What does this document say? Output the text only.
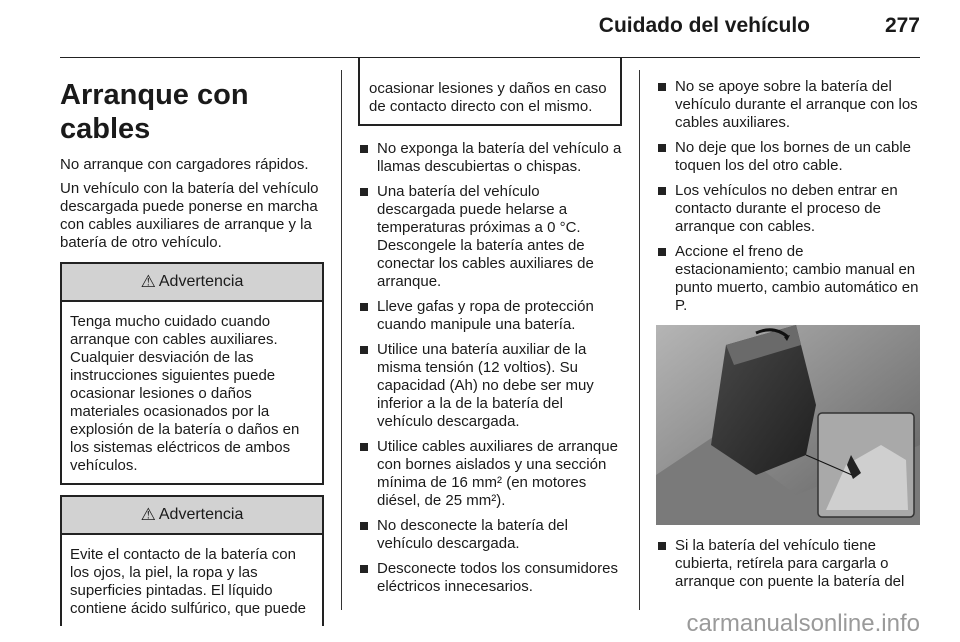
Cuidado del vehículo	277
Arranque con cables

No arranque con cargadores rápidos.

Un vehículo con la batería del vehículo descargada puede ponerse en marcha con cables auxiliares de arranque y la batería de otro vehículo.

⚠ Advertencia
Tenga mucho cuidado cuando arranque con cables auxiliares. Cualquier desviación de las instrucciones siguientes puede ocasionar lesiones o daños materiales ocasionados por la explosión de la batería o daños en los sistemas eléctricos de ambos vehículos.
⚠ Advertencia
Evite el contacto de la batería con los ojos, la piel, la ropa y las superficies pintadas. El líquido contiene ácido sulfúrico, que puede
ocasionar lesiones y daños en caso de contacto directo con el mismo.
No exponga la batería del vehículo a llamas descubiertas o chispas.
Una batería del vehículo descargada puede helarse a temperaturas próximas a 0 °C. Descongele la batería antes de conectar los cables auxiliares de arranque.
Lleve gafas y ropa de protección cuando manipule una batería.
Utilice una batería auxiliar de la misma tensión (12 voltios). Su capacidad (Ah) no debe ser muy inferior a la de la batería del vehículo descargada.
Utilice cables auxiliares de arranque con bornes aislados y una sección mínima de 16 mm² (en motores diésel, de 25 mm²).
No desconecte la batería del vehículo descargada.
Desconecte todos los consumidores eléctricos innecesarios.
No se apoye sobre la batería del vehículo durante el arranque con los cables auxiliares.
No deje que los bornes de un cable toquen los del otro cable.
Los vehículos no deben entrar en contacto durante el proceso de arranque con cables.
Accione el freno de estacionamiento; cambio manual en punto muerto, cambio automático en P.
Si la batería del vehículo tiene cubierta, retírela para cargarla o arranque con puente la batería del
carmanualsonline.info
